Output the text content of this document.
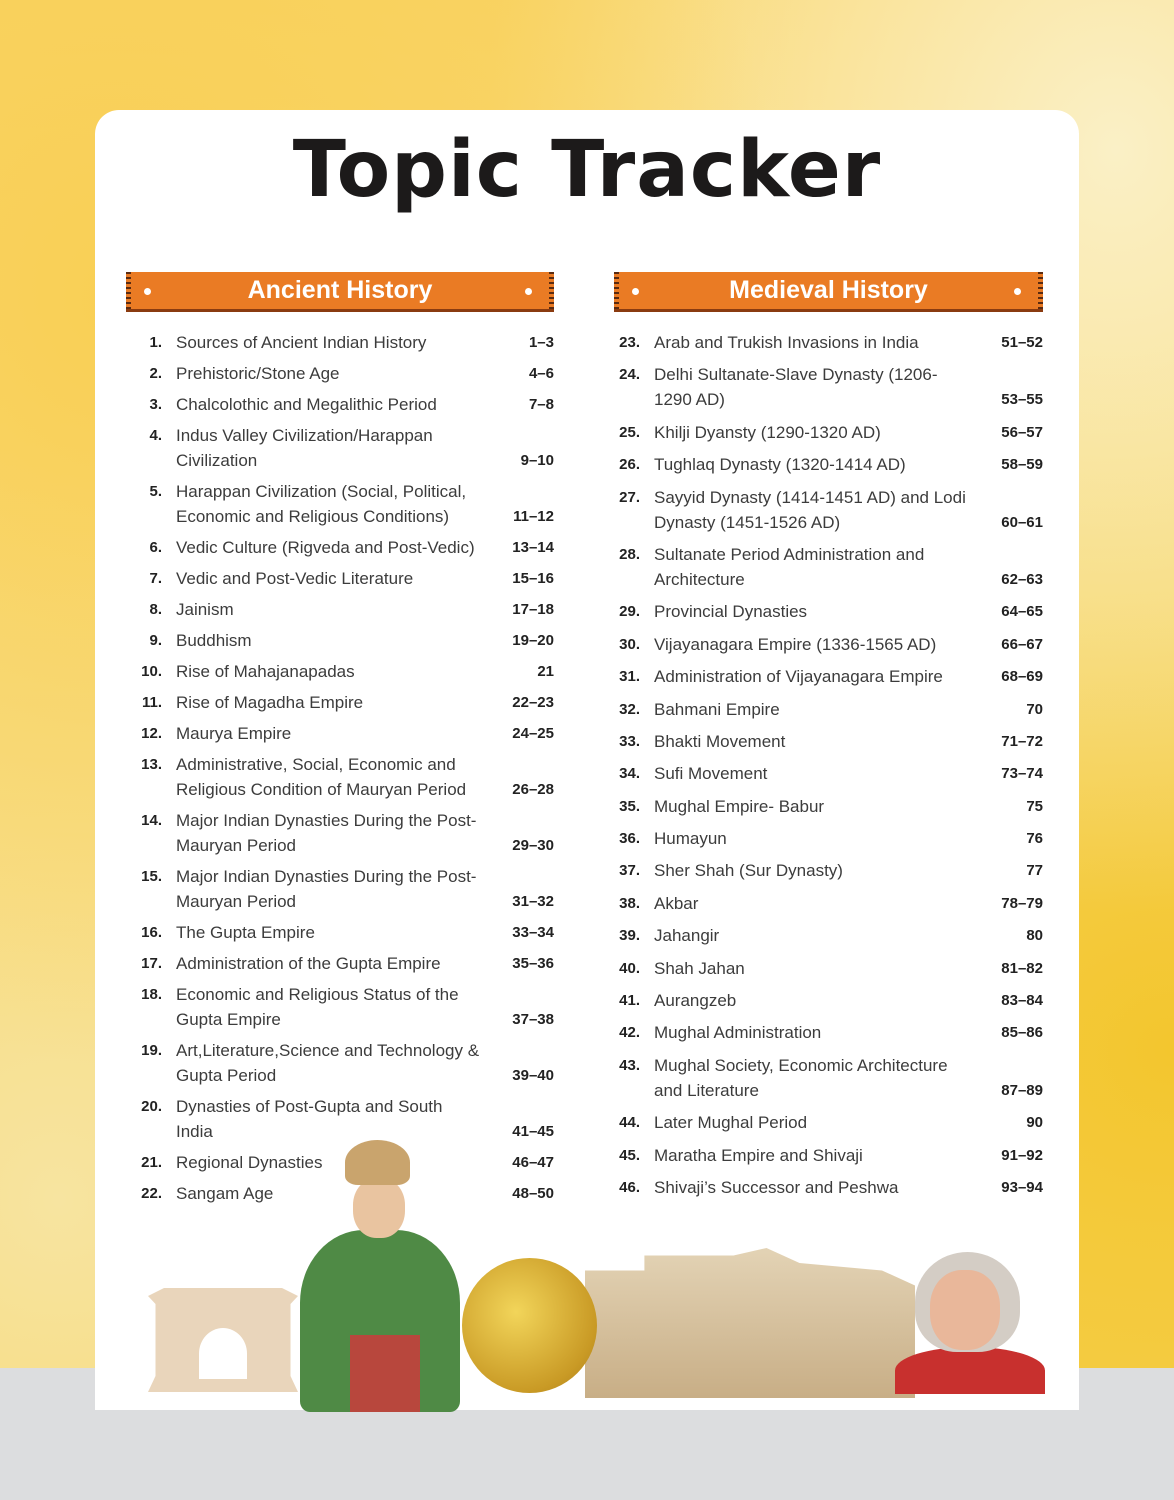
Topic Tracker
Ancient History
1. Sources of Ancient Indian History	1–3
2. Prehistoric/Stone Age	4–6
3. Chalcolothic and Megalithic Period	7–8
4. Indus Valley Civilization/Harappan Civilization	9–10
5. Harappan Civilization (Social, Political, Economic and Religious Conditions)	11–12
6. Vedic Culture (Rigveda and Post-Vedic)	13–14
7. Vedic and Post-Vedic Literature	15–16
8. Jainism	17–18
9. Buddhism	19–20
10. Rise of Mahajanapadas	21
11. Rise of Magadha Empire	22–23
12. Maurya Empire	24–25
13. Administrative, Social, Economic and Religious Condition of Mauryan Period	26–28
14. Major Indian Dynasties During the Post-Mauryan Period	29–30
15. Major Indian Dynasties During the Post-Mauryan Period	31–32
16. The Gupta Empire	33–34
17. Administration of the Gupta Empire	35–36
18. Economic and Religious Status of the Gupta Empire	37–38
19. Art,Literature,Science and Technology & Gupta Period	39–40
20. Dynasties of Post-Gupta and South India	41–45
21. Regional Dynasties	46–47
22. Sangam Age	48–50
Medieval History
23. Arab and Trukish Invasions in India	51–52
24. Delhi Sultanate-Slave Dynasty (1206-1290 AD)	53–55
25. Khilji Dyansty (1290-1320 AD)	56–57
26. Tughlaq Dynasty (1320-1414 AD)	58–59
27. Sayyid Dynasty (1414-1451 AD) and Lodi Dynasty (1451-1526 AD)	60–61
28. Sultanate Period Administration and Architecture	62–63
29. Provincial Dynasties	64–65
30. Vijayanagara Empire (1336-1565 AD)	66–67
31. Administration of Vijayanagara Empire	68–69
32. Bahmani Empire	70
33. Bhakti Movement	71–72
34. Sufi Movement	73–74
35. Mughal Empire- Babur	75
36. Humayun	76
37. Sher Shah (Sur Dynasty)	77
38. Akbar	78–79
39. Jahangir	80
40. Shah Jahan	81–82
41. Aurangzeb	83–84
42. Mughal Administration	85–86
43. Mughal Society, Economic Architecture and Literature	87–89
44. Later Mughal Period	90
45. Maratha Empire and Shivaji	91–92
46. Shivaji’s Successor and Peshwa	93–94
